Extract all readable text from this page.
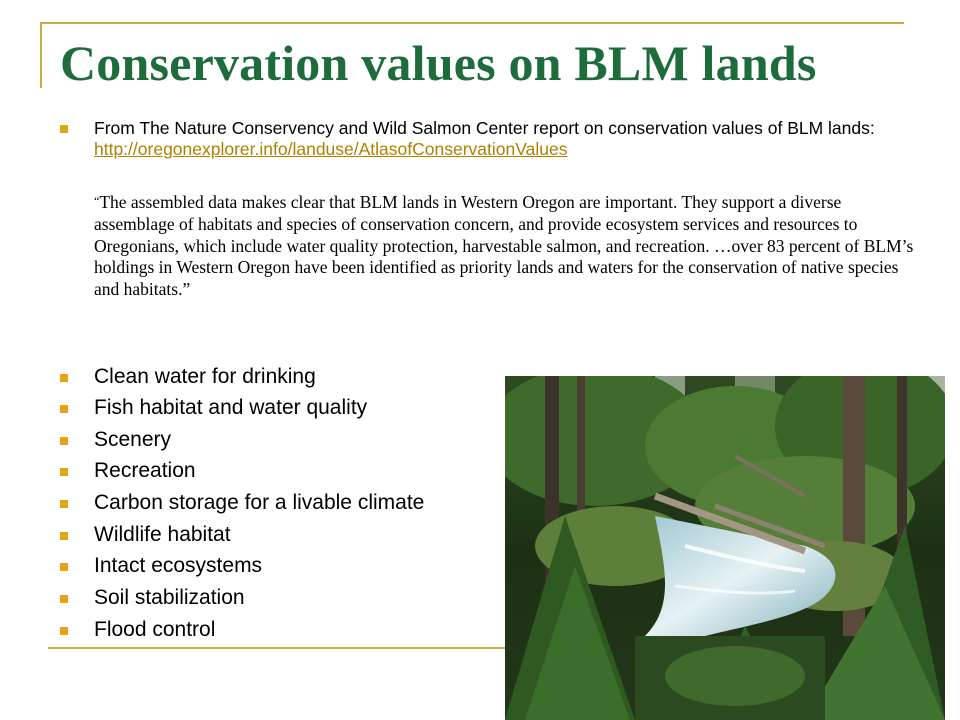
Conservation values on BLM lands
From The Nature Conservency and Wild Salmon Center report on conservation values of BLM lands: http://oregonexplorer.info/landuse/AtlasofConservationValues
“The assembled data makes clear that BLM lands in Western Oregon are important. They support a diverse assemblage of habitats and species of conservation concern, and provide ecosystem services and resources to Oregonians, which include water quality protection, harvestable salmon, and recreation. …over 83 percent of BLM’s holdings in Western Oregon have been identified as priority lands and waters for the conservation of native species and habitats.”
Clean water for drinking
Fish habitat and water quality
Scenery
Recreation
Carbon storage for a livable climate
Wildlife habitat
Intact ecosystems
Soil stabilization
Flood control
